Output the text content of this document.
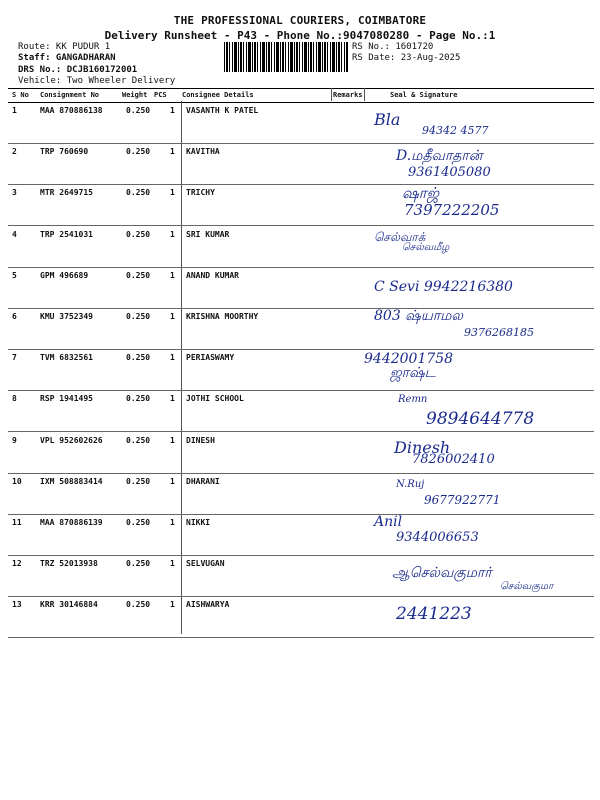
THE PROFESSIONAL COURIERS, COIMBATORE
Delivery Runsheet - P43 - Phone No.:9047080280 - Page No.:1
Route: KK PUDUR 1
Staff: GANGADHARAN
DRS No.: DCJB160172001
Vehicle: Two Wheeler Delivery
RS No.: 1601720
RS Date: 23-Aug-2025
S No Consignment No	Weight PCS Consignee Details	Remarks	Seal & Signature
1	MAA 870886138	0.250 1 VASANTH K PATEL	Bla
94342 4577
2	TRP 760690	0.250 1 KAVITHA	D.மதீவாதான்
9361405080
3	MTR 2649715	0.250 1 TRICHY	ஷாஜ்
7397222205
4	TRP 2541031	0.250 1 SRI KUMAR	செல்வாக்
செல்வமீழ
5	GPM 496689	0.250 1 ANAND KUMAR
C Sevi 9942216380
6	KMU 3752349	0.250 1 KRISHNA MOORTHY	803 ஷ்யாமல
9376268185
7	TVM 6832561	0.250 1 PERIASWAMY	9442001758
ஜாஷ்ட
8	RSP 1941495	0.250 1 JOTHI SCHOOL	Remn
9894644778
9	VPL 952602626	0.250 1 DINESH	Dinesh
7826002410
10 IXM 508883414	0.250 1 DHARANI	N.Ruj
9677922771
11 MAA 870886139	0.250 1 NIKKI	Anil
9344006653
12 TRZ 52013938	0.250 1 SELVUGAN
ஆசெல்வகுமார்
செல்வகுமா
13 KRR 30146884	0.250 1 AISHWARYA	2441223
